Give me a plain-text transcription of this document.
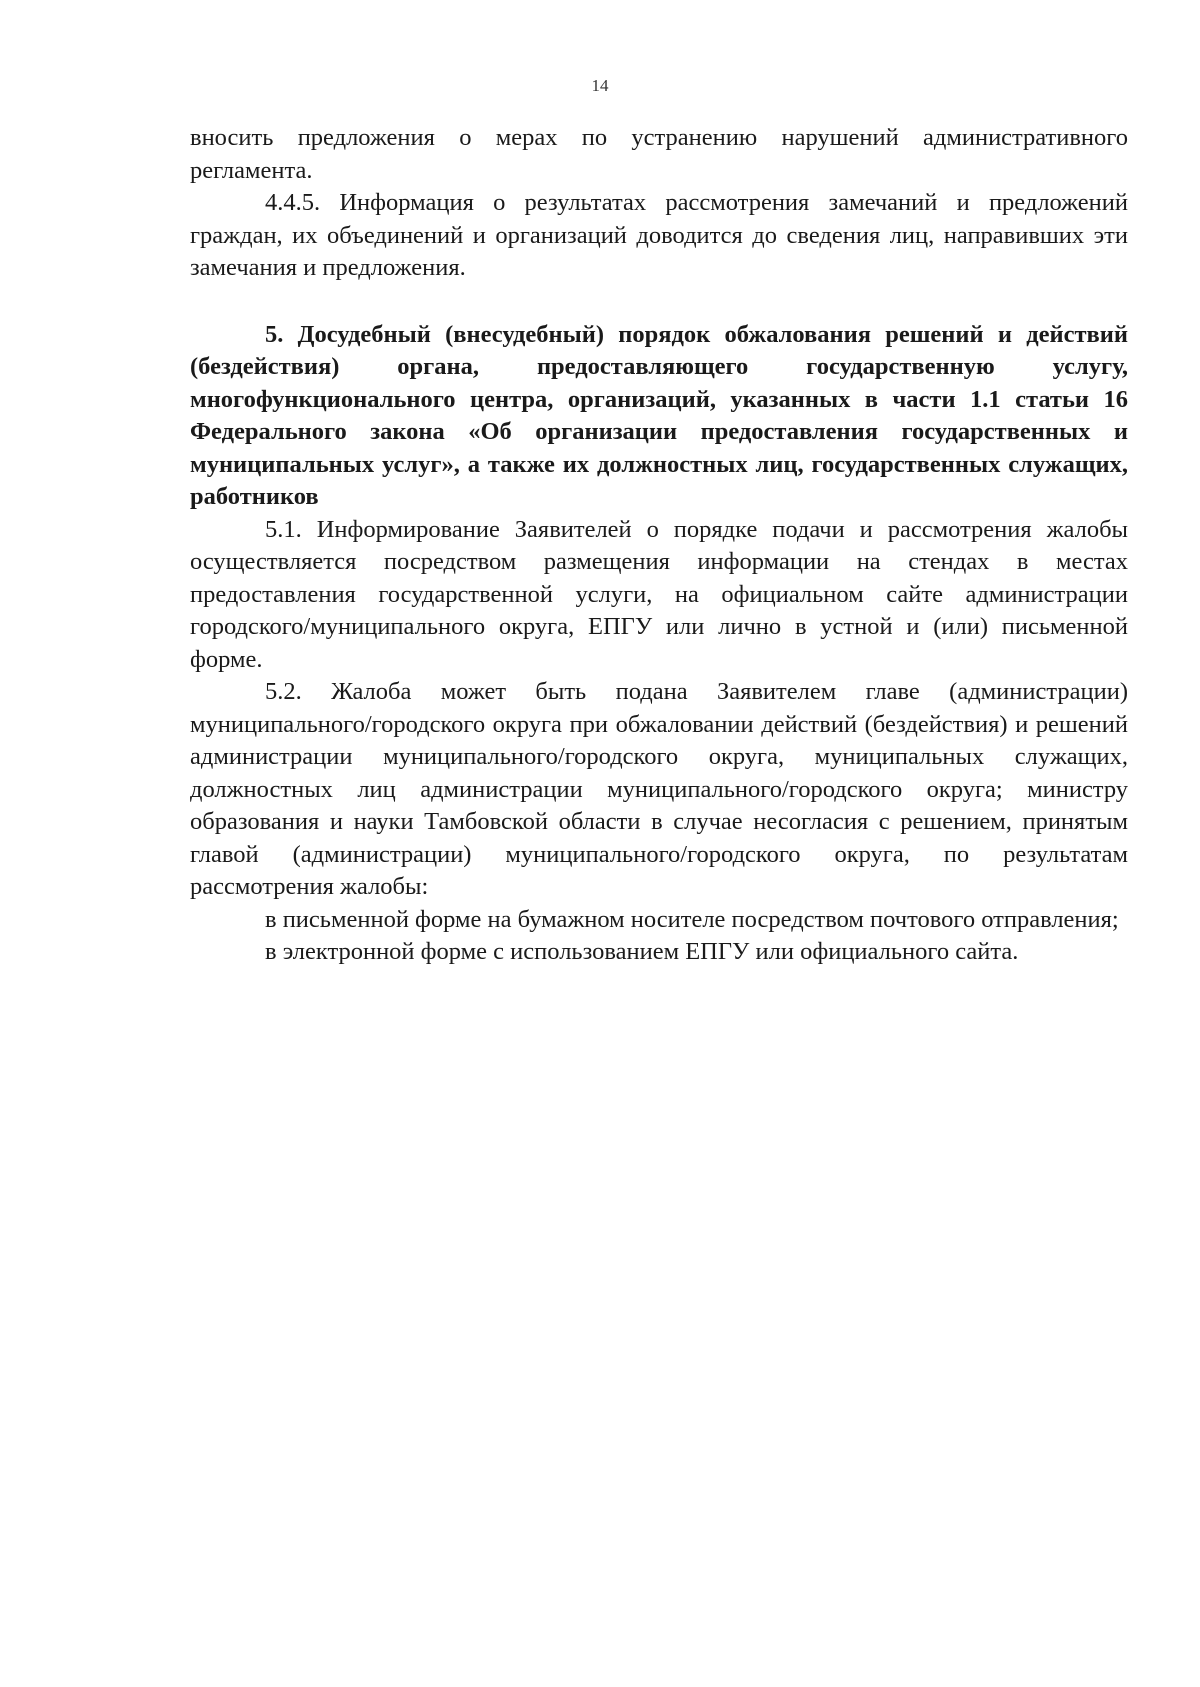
14

вносить предложения о мерах по устранению нарушений административного регламента.

4.4.5. Информация о результатах рассмотрения замечаний и предложений граждан, их объединений и организаций доводится до сведения лиц, направивших эти замечания и предложения.

5. Досудебный (внесудебный) порядок обжалования решений и действий (бездействия) органа, предоставляющего государственную услугу, многофункционального центра, организаций, указанных в части 1.1 статьи 16 Федерального закона «Об организации предоставления государственных и муниципальных услуг», а также их должностных лиц, государственных служащих, работников

5.1. Информирование Заявителей о порядке подачи и рассмотрения жалобы осуществляется посредством размещения информации на стендах в местах предоставления государственной услуги, на официальном сайте администрации городского/муниципального округа, ЕПГУ или лично в устной и (или) письменной форме.

5.2. Жалоба может быть подана Заявителем главе (администрации) муниципального/городского округа при обжаловании действий (бездействия) и решений администрации муниципального/городского округа, муниципальных служащих, должностных лиц администрации муниципального/городского округа; министру образования и науки Тамбовской области в случае несогласия с решением, принятым главой (администрации) муниципального/городского округа, по результатам рассмотрения жалобы:

в письменной форме на бумажном носителе посредством почтового отправления;

в электронной форме с использованием ЕПГУ или официального сайта.
